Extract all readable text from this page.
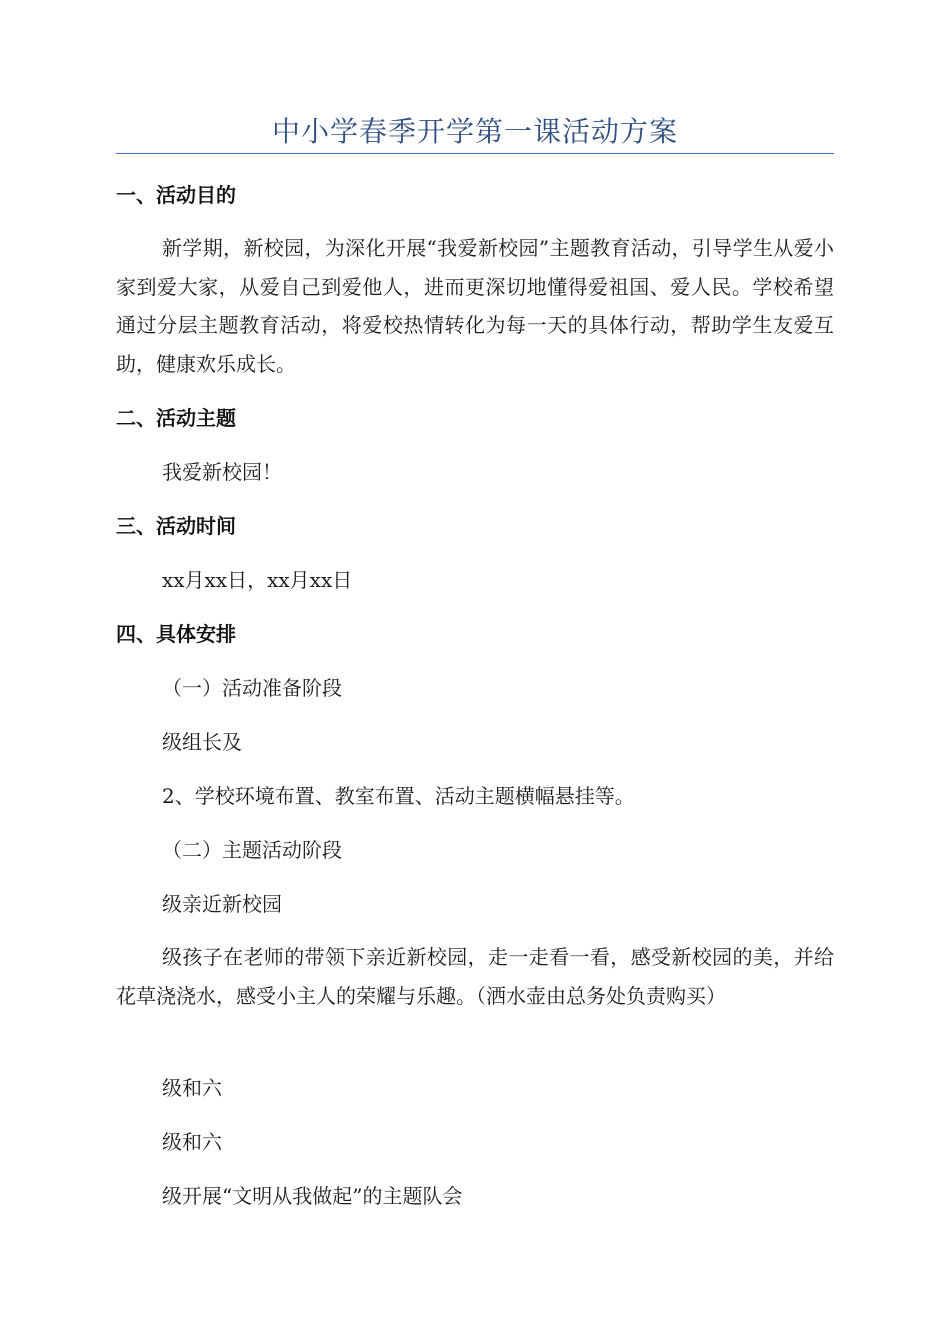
中小学春季开学第一课活动方案
一、活动目的
新学期，新校园，为深化开展“我爱新校园”主题教育活动，引导学生从爱小家到爱大家，从爱自己到爱他人，进而更深切地懂得爱祖国、爱人民。学校希望通过分层主题教育活动，将爱校热情转化为每一天的具体行动，帮助学生友爱互助，健康欢乐成长。
二、活动主题
我爱新校园！
三、活动时间
xx月xx日，xx月xx日
四、具体安排
（一）活动准备阶段
级组长及
2、学校环境布置、教室布置、活动主题横幅悬挂等。
（二）主题活动阶段
级亲近新校园
级孩子在老师的带领下亲近新校园，走一走看一看，感受新校园的美，并给花草浇浇水，感受小主人的荣耀与乐趣。（洒水壶由总务处负责购买）
级和六
级和六
级开展“文明从我做起”的主题队会
